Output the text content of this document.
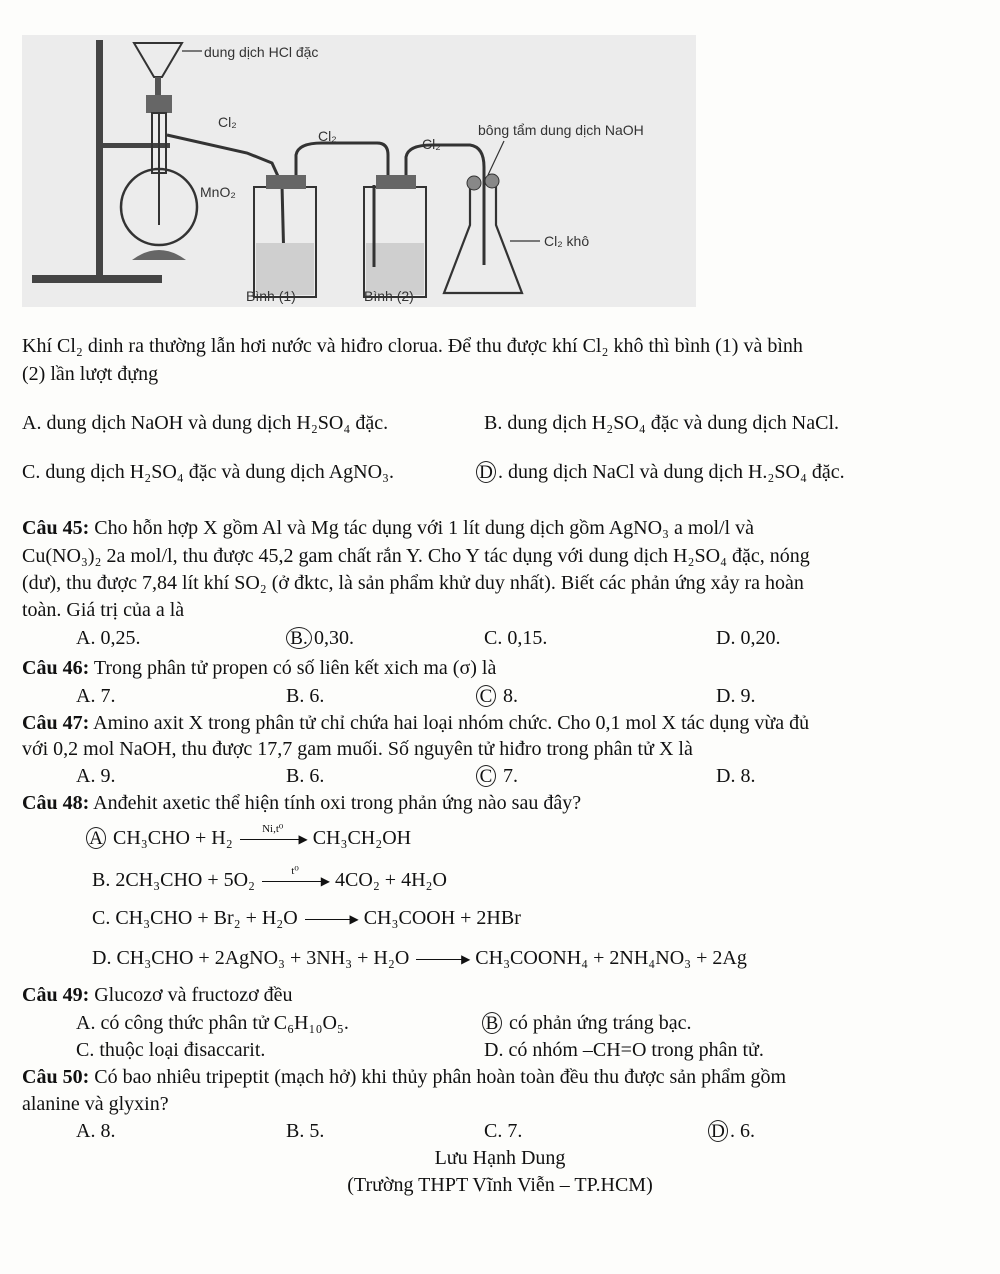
dung dịch HCl đặc
MnO₂
Cl₂
Cl₂	Cl₂
bông tẩm dung dịch NaOH
Cl₂ khô
Bình (1)	Bình (2)
Khí Cl₂ dinh ra thường lẫn hơi nước và hiđro clorua. Để thu được khí Cl₂ khô thì bình (1) và bình
(2) lần lượt đựng
A. dung dịch NaOH và dung dịch H₂SO₄ đặc.	B. dung dịch H₂SO₄ đặc và dung dịch NaCl.
C. dung dịch H₂SO₄ đặc và dung dịch AgNO₃.	D . dung dịch NaCl và dung dịch H.₂SO₄ đặc.
Câu 45: Cho hỗn hợp X gồm Al và Mg tác dụng với 1 lít dung dịch gồm AgNO₃ a mol/l và
Cu(NO₃)₂ 2a mol/l, thu được 45,2 gam chất rắn Y. Cho Y tác dụng với dung dịch H₂SO₄ đặc, nóng
(dư), thu được 7,84 lít khí SO₂ (ở đktc, là sản phẩm khử duy nhất). Biết các phản ứng xảy ra hoàn
toàn. Giá trị của a là
A. 0,25.	B. 0,30.	C. 0,15.	D. 0,20.
Câu 46: Trong phân tử propen có số liên kết xich ma (σ) là
A. 7.	B. 6.	C 8.	D. 9.
Câu 47: Amino axit X trong phân tử chỉ chứa hai loại nhóm chức. Cho 0,1 mol X tác dụng vừa đủ
với 0,2 mol NaOH, thu được 17,7 gam muối. Số nguyên tử hiđro trong phân tử X là
A. 9.	B. 6.	C 7.	D. 8.
Câu 48: Anđehit axetic thể hiện tính oxi trong phản ứng nào sau đây?
A CH₃CHO + H₂	Ni,t⁰
▶ CH₃CH₂OH
B. 2CH₃CHO + 5O₂	t⁰
▶ 4CO₂ + 4H₂O
C. CH₃CHO + Br₂ + H₂O	▶ CH₃COOH + 2HBr
D. CH₃CHO + 2AgNO₃ + 3NH₃ + H₂O	▶ CH₃COONH₄ + 2NH₄NO₃ + 2Ag
Câu 49: Glucozơ và fructozơ đều
A. có công thức phân tử C₆H₁₀O₅.	B có phản ứng tráng bạc.
C. thuộc loại đisaccarit.	D. có nhóm –CH=O trong phân tử.
Câu 50: Có bao nhiêu tripeptit (mạch hở) khi thủy phân hoàn toàn đều thu được sản phẩm gồm
alanine và glyxin?
A. 8.	B. 5.	C. 7.	D . 6.
Lưu Hạnh Dung
(Trường THPT Vĩnh Viễn – TP.HCM)
